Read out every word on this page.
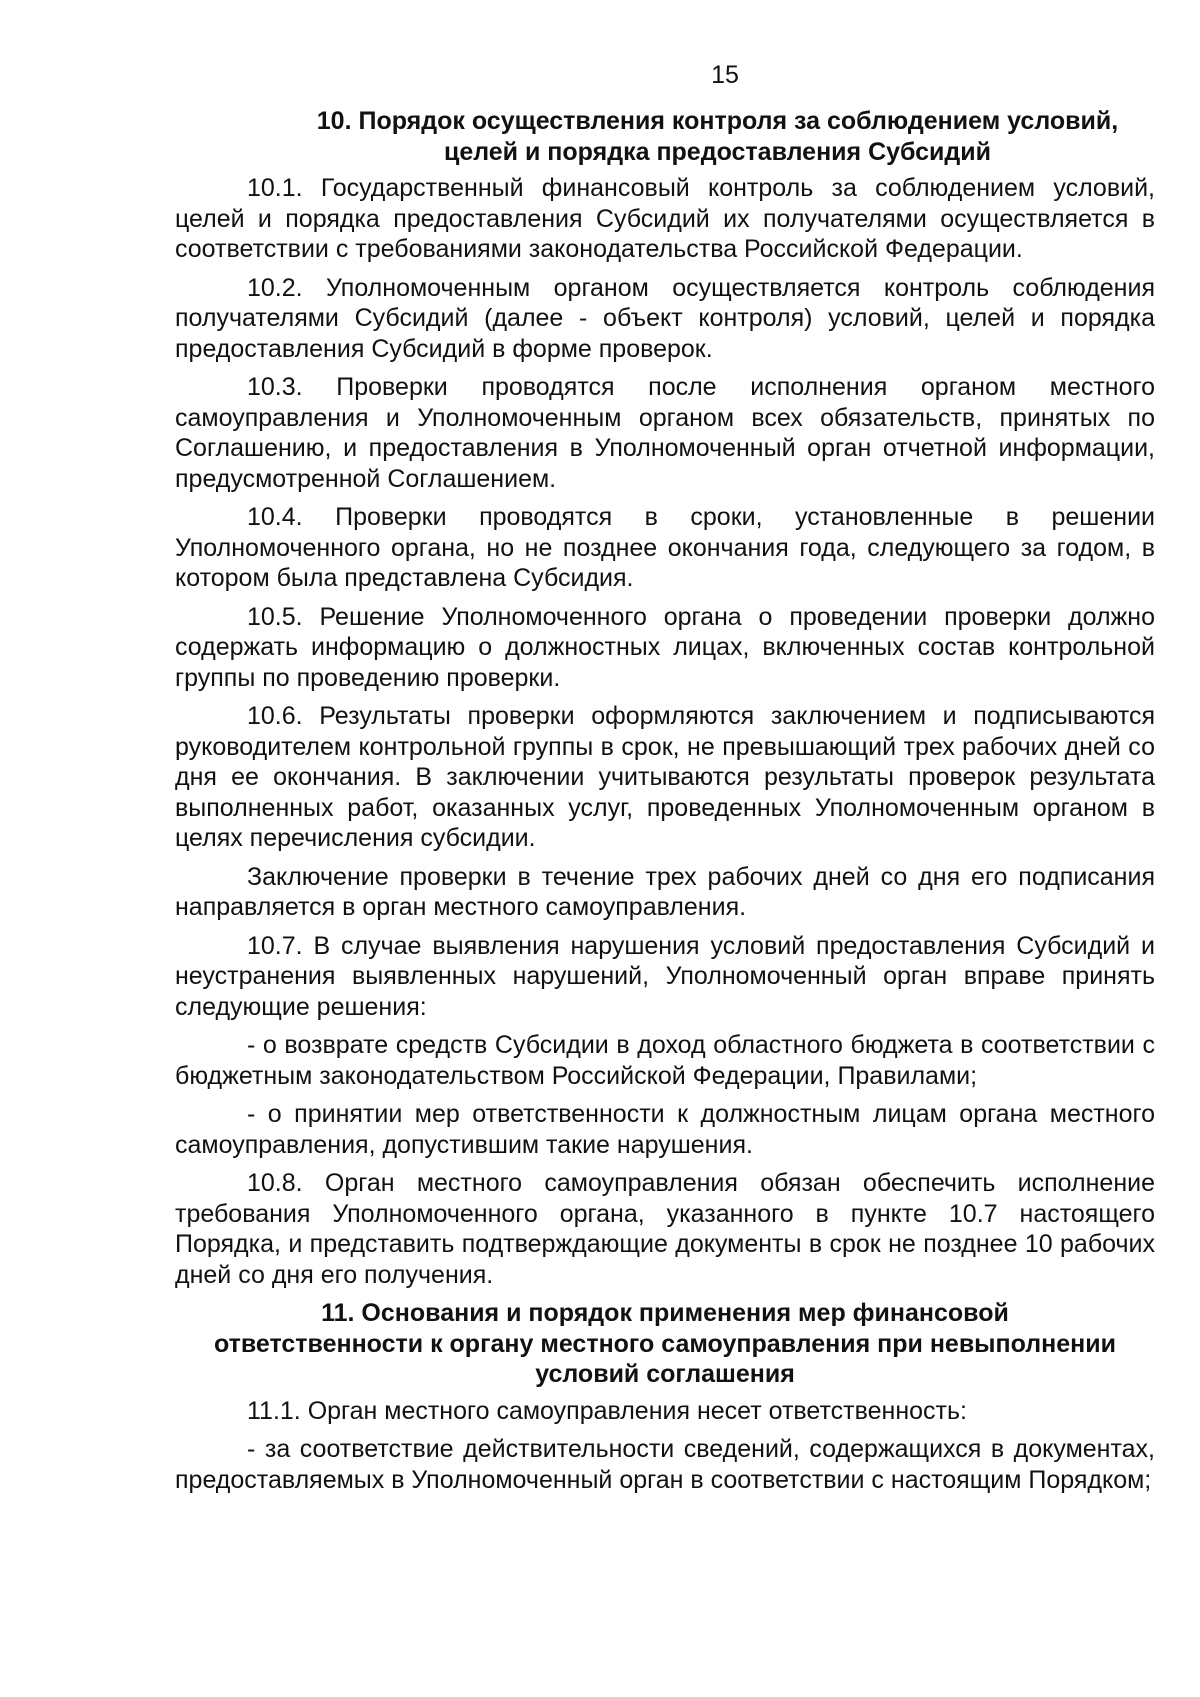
15
10. Порядок осуществления контроля за соблюдением условий,
целей и порядка предоставления Субсидий

10.1. Государственный финансовый контроль за соблюдением условий, целей и порядка предоставления Субсидий их получателями осуществляется в соответствии с требованиями законодательства Российской Федерации.

10.2. Уполномоченным органом осуществляется контроль соблюдения получателями Субсидий (далее - объект контроля) условий, целей и порядка предоставления Субсидий в форме проверок.

10.3. Проверки проводятся после исполнения органом местного самоуправления и Уполномоченным органом всех обязательств, принятых по Соглашению, и предоставления в Уполномоченный орган отчетной информации, предусмотренной Соглашением.

10.4. Проверки проводятся в сроки, установленные в решении Уполномоченного органа, но не позднее окончания года, следующего за годом, в котором была представлена Субсидия.

10.5. Решение Уполномоченного органа о проведении проверки должно содержать информацию о должностных лицах, включенных состав контрольной группы по проведению проверки.

10.6. Результаты проверки оформляются заключением и подписываются руководителем контрольной группы в срок, не превышающий трех рабочих дней со дня ее окончания. В заключении учитываются результаты проверок результата выполненных работ, оказанных услуг, проведенных Уполномоченным органом в целях перечисления субсидии.

Заключение проверки в течение трех рабочих дней со дня его подписания направляется в орган местного самоуправления.

10.7. В случае выявления нарушения условий предоставления Субсидий и неустранения выявленных нарушений, Уполномоченный орган вправе принять следующие решения:

- о возврате средств Субсидии в доход областного бюджета в соответствии с бюджетным законодательством Российской Федерации, Правилами;

- о принятии мер ответственности к должностным лицам органа местного самоуправления, допустившим такие нарушения.

10.8. Орган местного самоуправления обязан обеспечить исполнение требования Уполномоченного органа, указанного в пункте 10.7 настоящего Порядка, и представить подтверждающие документы в срок не позднее 10 рабочих дней со дня его получения.

11. Основания и порядок применения мер финансовой
ответственности к органу местного самоуправления при невыполнении
условий соглашения

11.1. Орган местного самоуправления несет ответственность:

- за соответствие действительности сведений, содержащихся в документах, предоставляемых в Уполномоченный орган в соответствии с настоящим Порядком;
